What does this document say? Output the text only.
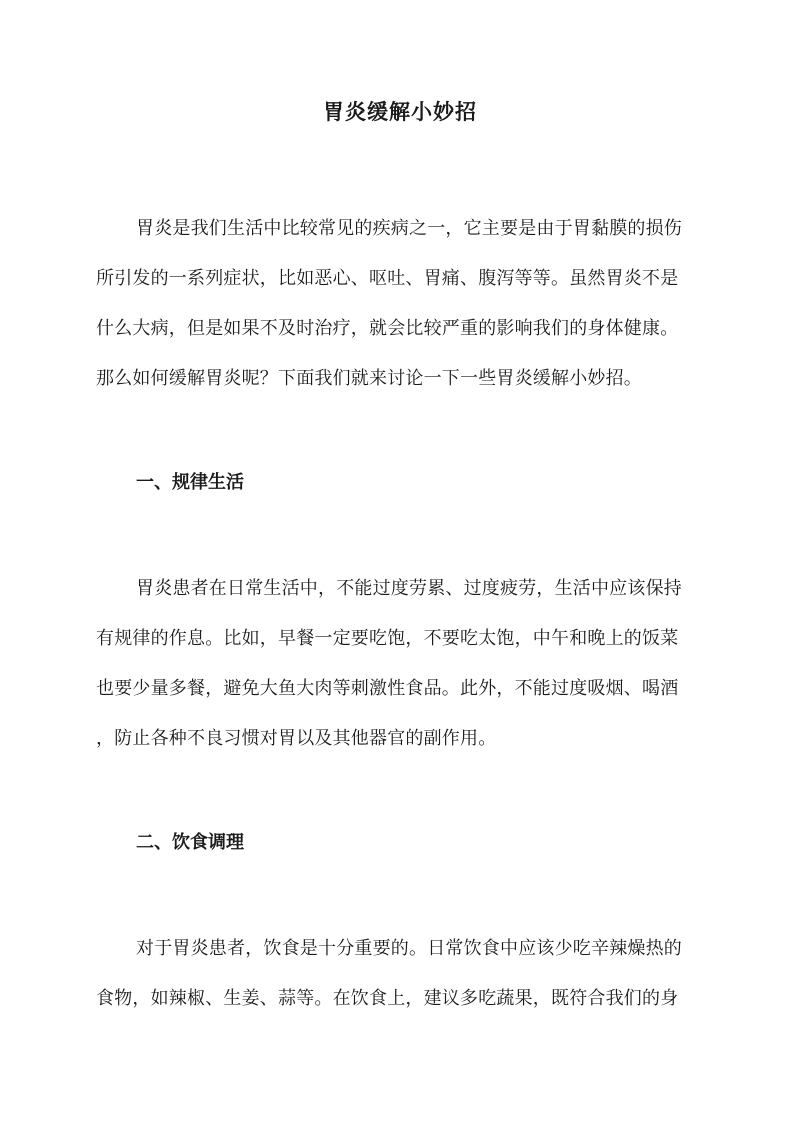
胃炎缓解小妙招

胃炎是我们生活中比较常见的疾病之一，它主要是由于胃黏膜的损伤

所引发的一系列症状，比如恶心、呕吐、胃痛、腹泻等等。虽然胃炎不是

什么大病，但是如果不及时治疗，就会比较严重的影响我们的身体健康。

那么如何缓解胃炎呢？下面我们就来讨论一下一些胃炎缓解小妙招。

一、规律生活

胃炎患者在日常生活中，不能过度劳累、过度疲劳，生活中应该保持

有规律的作息。比如，早餐一定要吃饱，不要吃太饱，中午和晚上的饭菜

也要少量多餐，避免大鱼大肉等刺激性食品。此外，不能过度吸烟、喝酒

，防止各种不良习惯对胃以及其他器官的副作用。

二、饮食调理

对于胃炎患者，饮食是十分重要的。日常饮食中应该少吃辛辣燥热的

食物，如辣椒、生姜、蒜等。在饮食上，建议多吃蔬果，既符合我们的身
